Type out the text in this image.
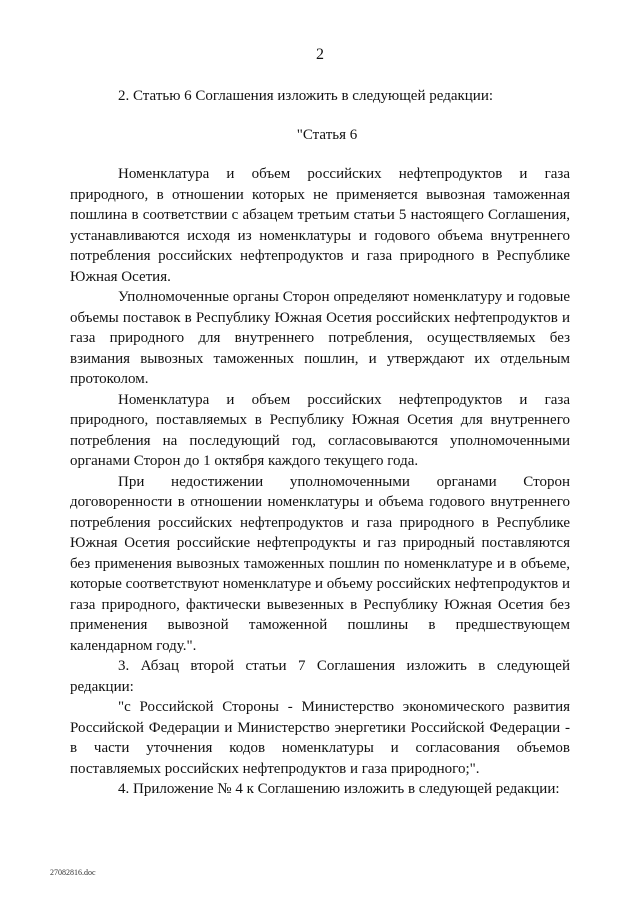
2

2. Статью 6 Соглашения изложить в следующей редакции:

"Статья 6

Номенклатура и объем российских нефтепродуктов и газа природного, в отношении которых не применяется вывозная таможенная пошлина в соответствии с абзацем третьим статьи 5 настоящего Соглашения, устанавливаются исходя из номенклатуры и годового объема внутреннего потребления российских нефтепродуктов и газа природного в Республике Южная Осетия.

Уполномоченные органы Сторон определяют номенклатуру и годовые объемы поставок в Республику Южная Осетия российских нефтепродуктов и газа природного для внутреннего потребления, осуществляемых без взимания вывозных таможенных пошлин, и утверждают их отдельным протоколом.

Номенклатура и объем российских нефтепродуктов и газа природного, поставляемых в Республику Южная Осетия для внутреннего потребления на последующий год, согласовываются уполномоченными органами Сторон до 1 октября каждого текущего года.

При недостижении уполномоченными органами Сторон договоренности в отношении номенклатуры и объема годового внутреннего потребления российских нефтепродуктов и газа природного в Республике Южная Осетия российские нефтепродукты и газ природный поставляются без применения вывозных таможенных пошлин по номенклатуре и в объеме, которые соответствуют номенклатуре и объему российских нефтепродуктов и газа природного, фактически вывезенных в Республику Южная Осетия без применения вывозной таможенной пошлины в предшествующем календарном году.".

3. Абзац второй статьи 7 Соглашения изложить в следующей редакции:

"с Российской Стороны - Министерство экономического развития Российской Федерации и Министерство энергетики Российской Федерации - в части уточнения кодов номенклатуры и согласования объемов поставляемых российских нефтепродуктов и газа природного;".

4. Приложение № 4 к Соглашению изложить в следующей редакции:

27082816.doc
